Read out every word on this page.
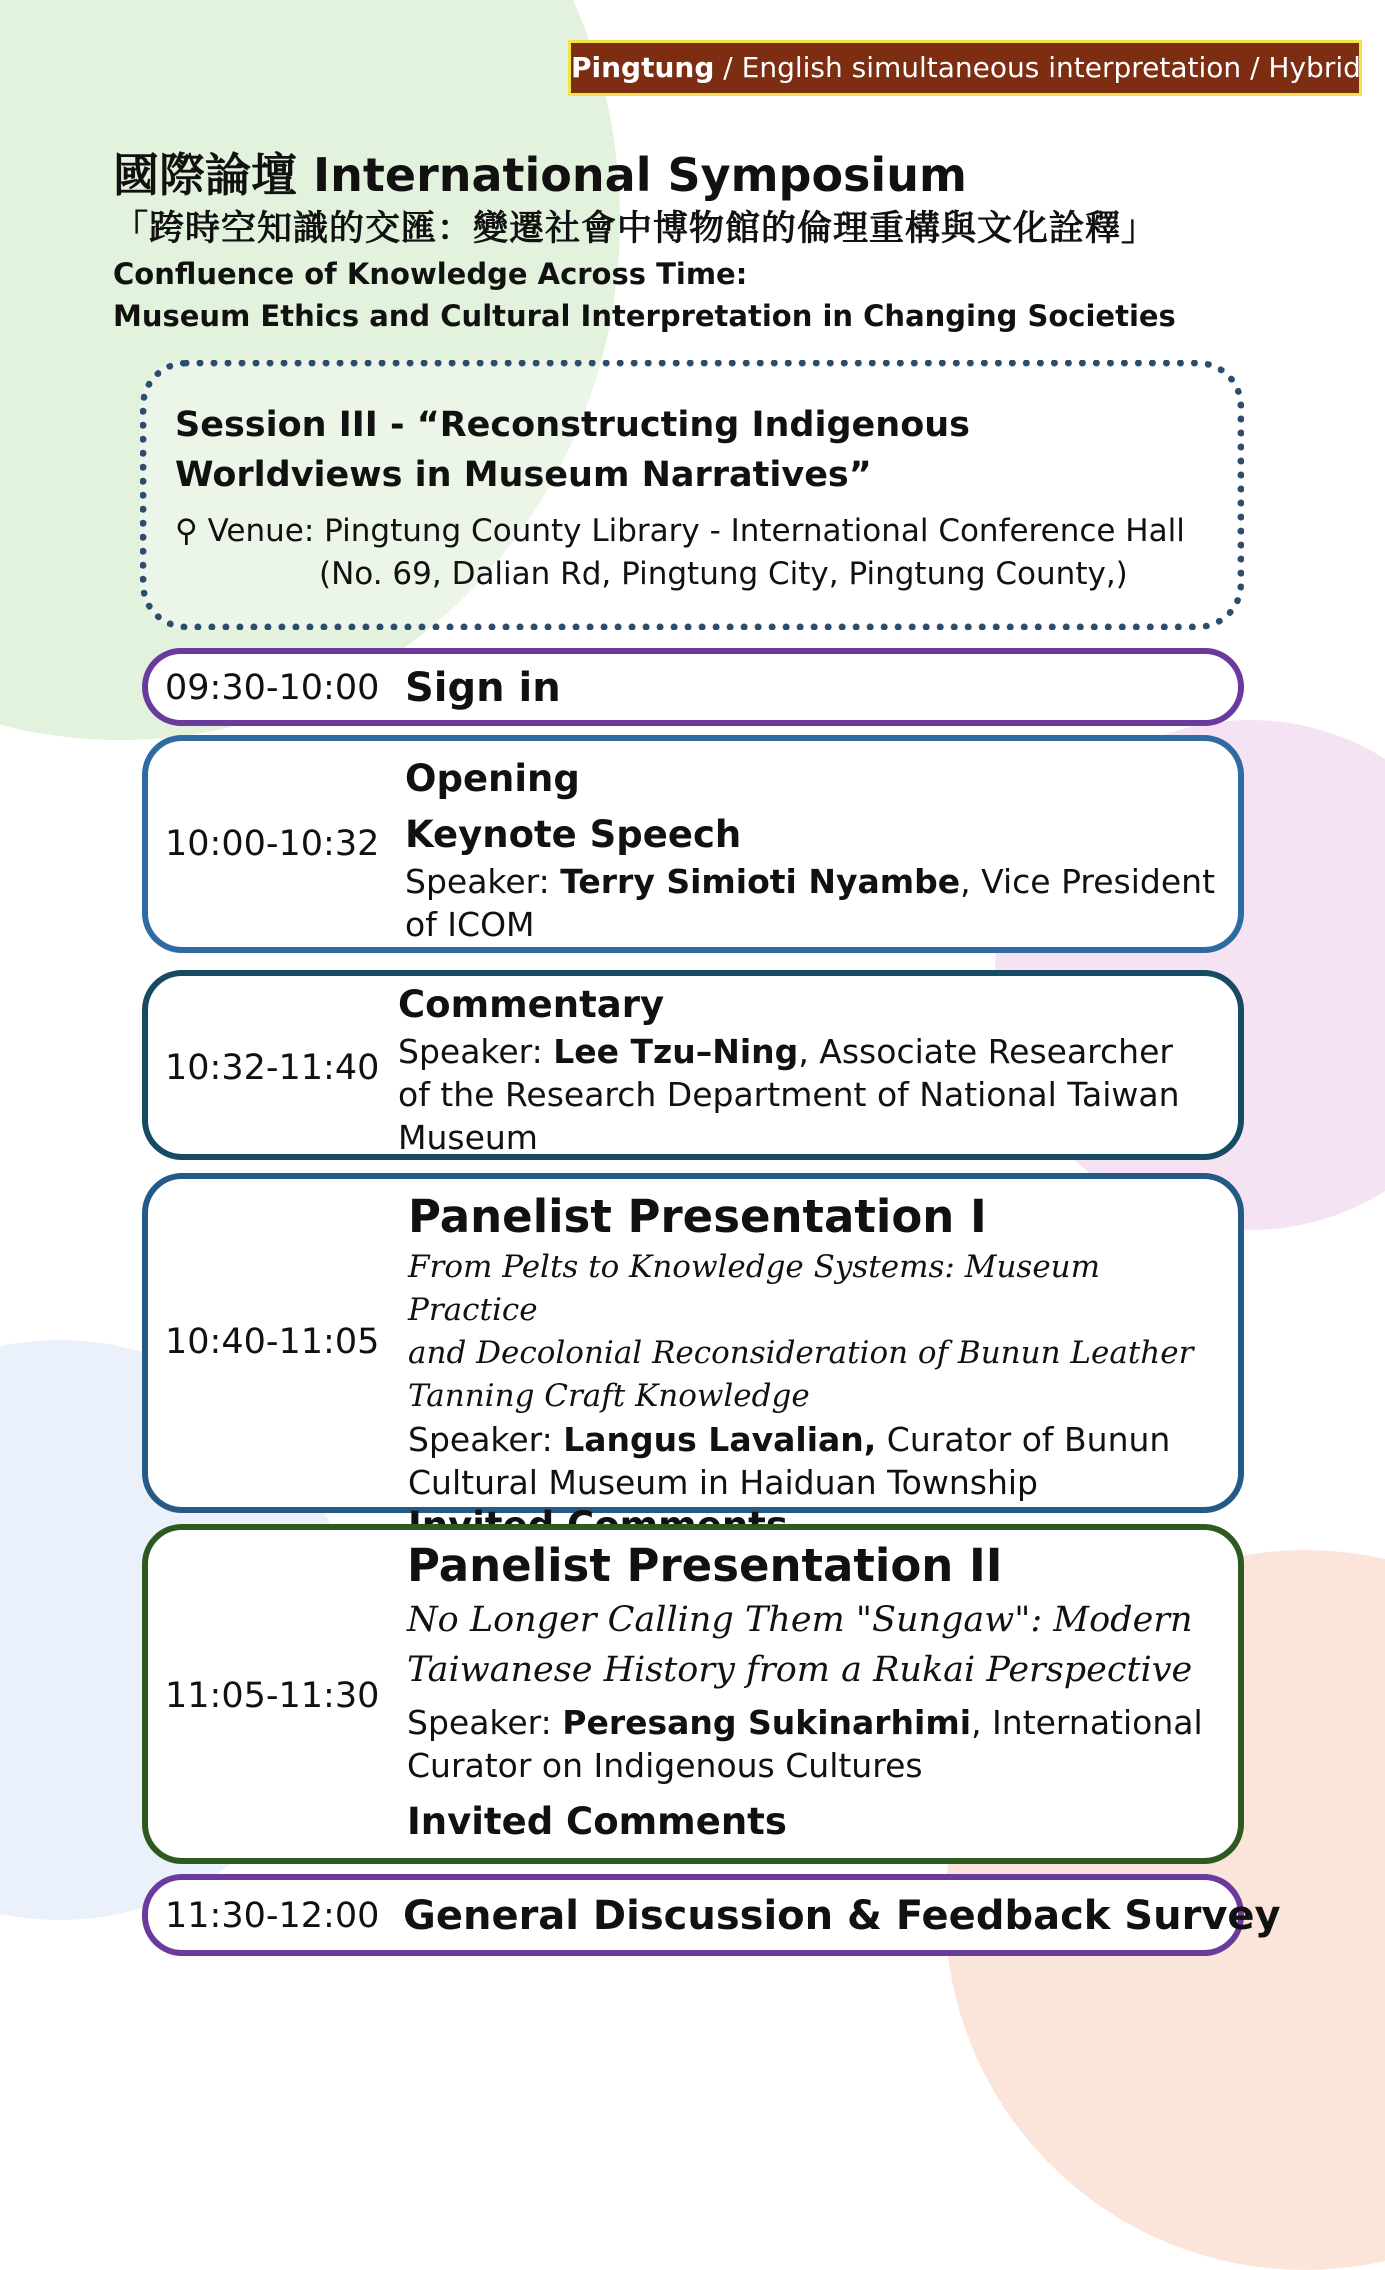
Pingtung / English simultaneous interpretation / Hybrid

國際論壇 International Symposium

「跨時空知識的交匯：變遷社會中博物館的倫理重構與文化詮釋」

Confluence of Knowledge Across Time:

Museum Ethics and Cultural Interpretation in Changing Societies

Session III - “Reconstructing Indigenous Worldviews in Museum Narratives”

⚲ Venue: Pingtung County Library - International Conference Hall

(No. 69, Dalian Rd, Pingtung City, Pingtung County,)

09:30-10:00 Sign in

10:00-10:32

Opening

Keynote Speech

Speaker: Terry Simioti Nyambe, Vice President

of ICOM

10:32-11:40

Commentary

Speaker: Lee Tzu–Ning, Associate Researcher

of the Research Department of National Taiwan

Museum

10:40-11:05

Panelist Presentation I

From Pelts to Knowledge Systems: Museum Practice

and Decolonial Reconsideration of Bunun Leather

Tanning Craft Knowledge

Speaker: Langus Lavalian, Curator of Bunun

Cultural Museum in Haiduan Township

11:05-11:30

Panelist Presentation II

No Longer Calling Them "Sungaw": Modern

Taiwanese History from a Rukai Perspective

Speaker: Peresang Sukinarhimi, International

Curator on Indigenous Cultures

Invited Comments

11:30-12:00 General Discussion & Feedback Survey
